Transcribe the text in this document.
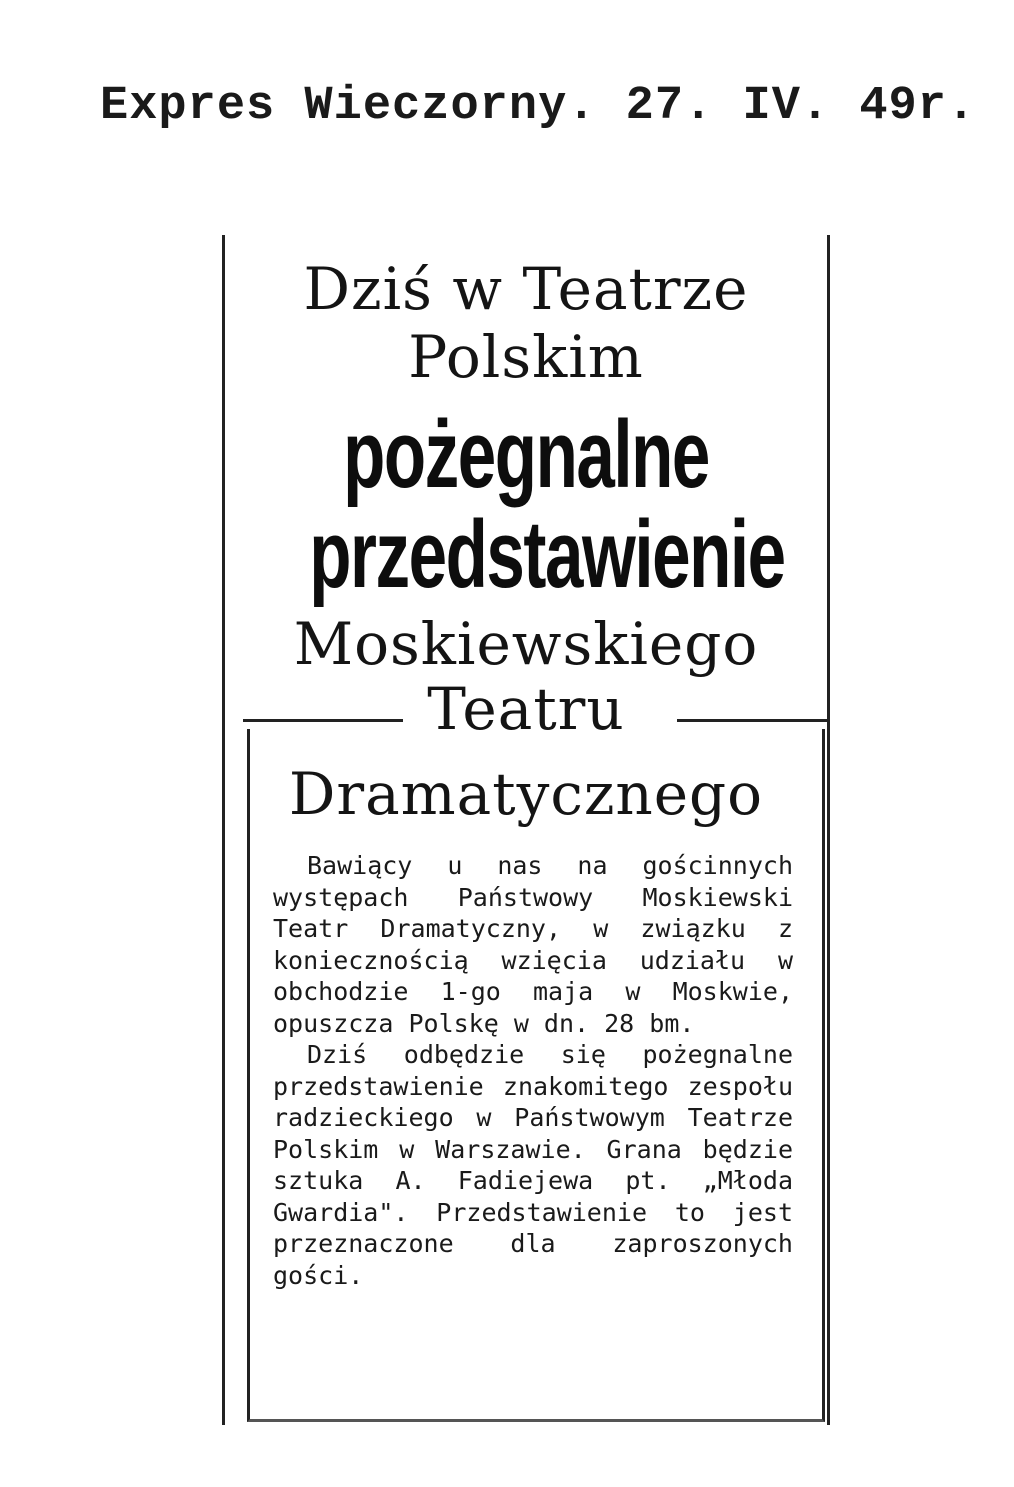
Expres Wieczorny. 27. IV. 49r.
Dziś w Teatrze
Polskim
pożegnalne
przedstawienie
Moskiewskiego
Teatru
Dramatycznego

Bawiący u nas na gościnnych występach Państwowy Moskiewski Teatr Dramatyczny, w związku z koniecznością wzięcia udziału w obchodzie 1-go maja w Moskwie, opuszcza Polskę w dn. 28 bm.

Dziś odbędzie się pożegnalne przedstawienie znakomitego zespołu radzieckiego w Państwowym Teatrze Polskim w Warszawie. Grana będzie sztuka A. Fadiejewa pt. „Młoda Gwardia". Przedstawienie to jest przeznaczone dla zaproszonych gości.
